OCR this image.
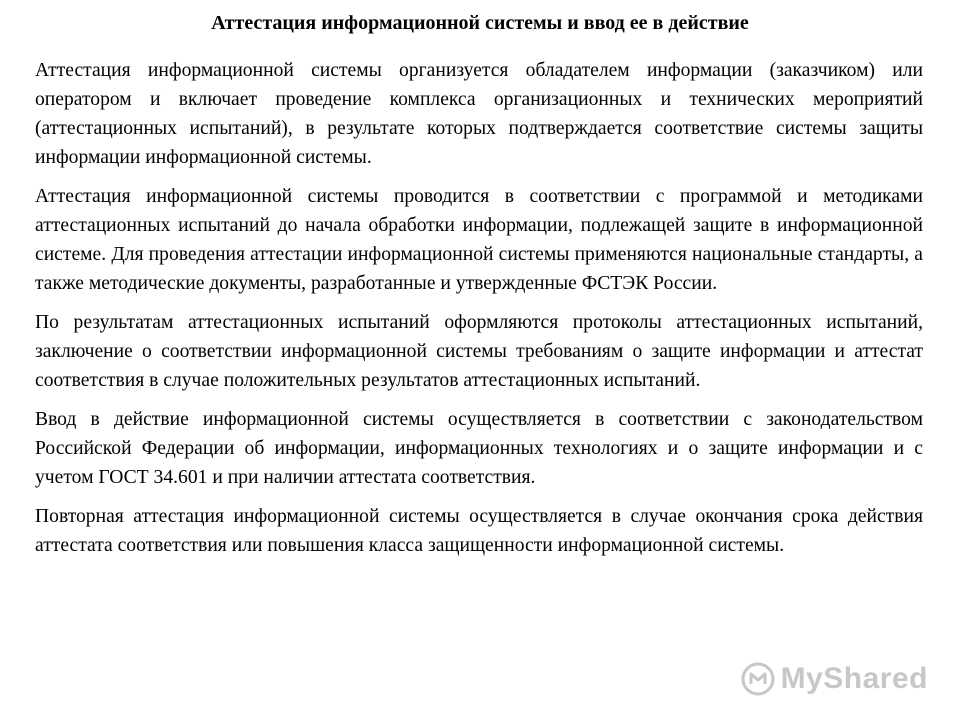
Аттестация информационной системы и ввод ее в действие

Аттестация информационной системы организуется обладателем информации (заказчиком) или оператором и включает проведение комплекса организационных и технических мероприятий (аттестационных испытаний), в результате которых подтверждается соответствие системы защиты информации информационной системы.

Аттестация информационной системы проводится в соответствии с программой и методиками аттестационных испытаний до начала обработки информации, подлежащей защите в информационной системе. Для проведения аттестации информационной системы применяются национальные стандарты, а также методические документы, разработанные и утвержденные ФСТЭК России.

По результатам аттестационных испытаний оформляются протоколы аттестационных испытаний, заключение о соответствии информационной системы требованиям о защите информации и аттестат соответствия в случае положительных результатов аттестационных испытаний.

Ввод в действие информационной системы осуществляется в соответствии с законодательством Российской Федерации об информации, информационных технологиях и о защите информации и с учетом ГОСТ 34.601 и при наличии аттестата соответствия.

Повторная аттестация информационной системы осуществляется в случае окончания срока действия аттестата соответствия или повышения класса защищенности информационной системы.

MyShared
